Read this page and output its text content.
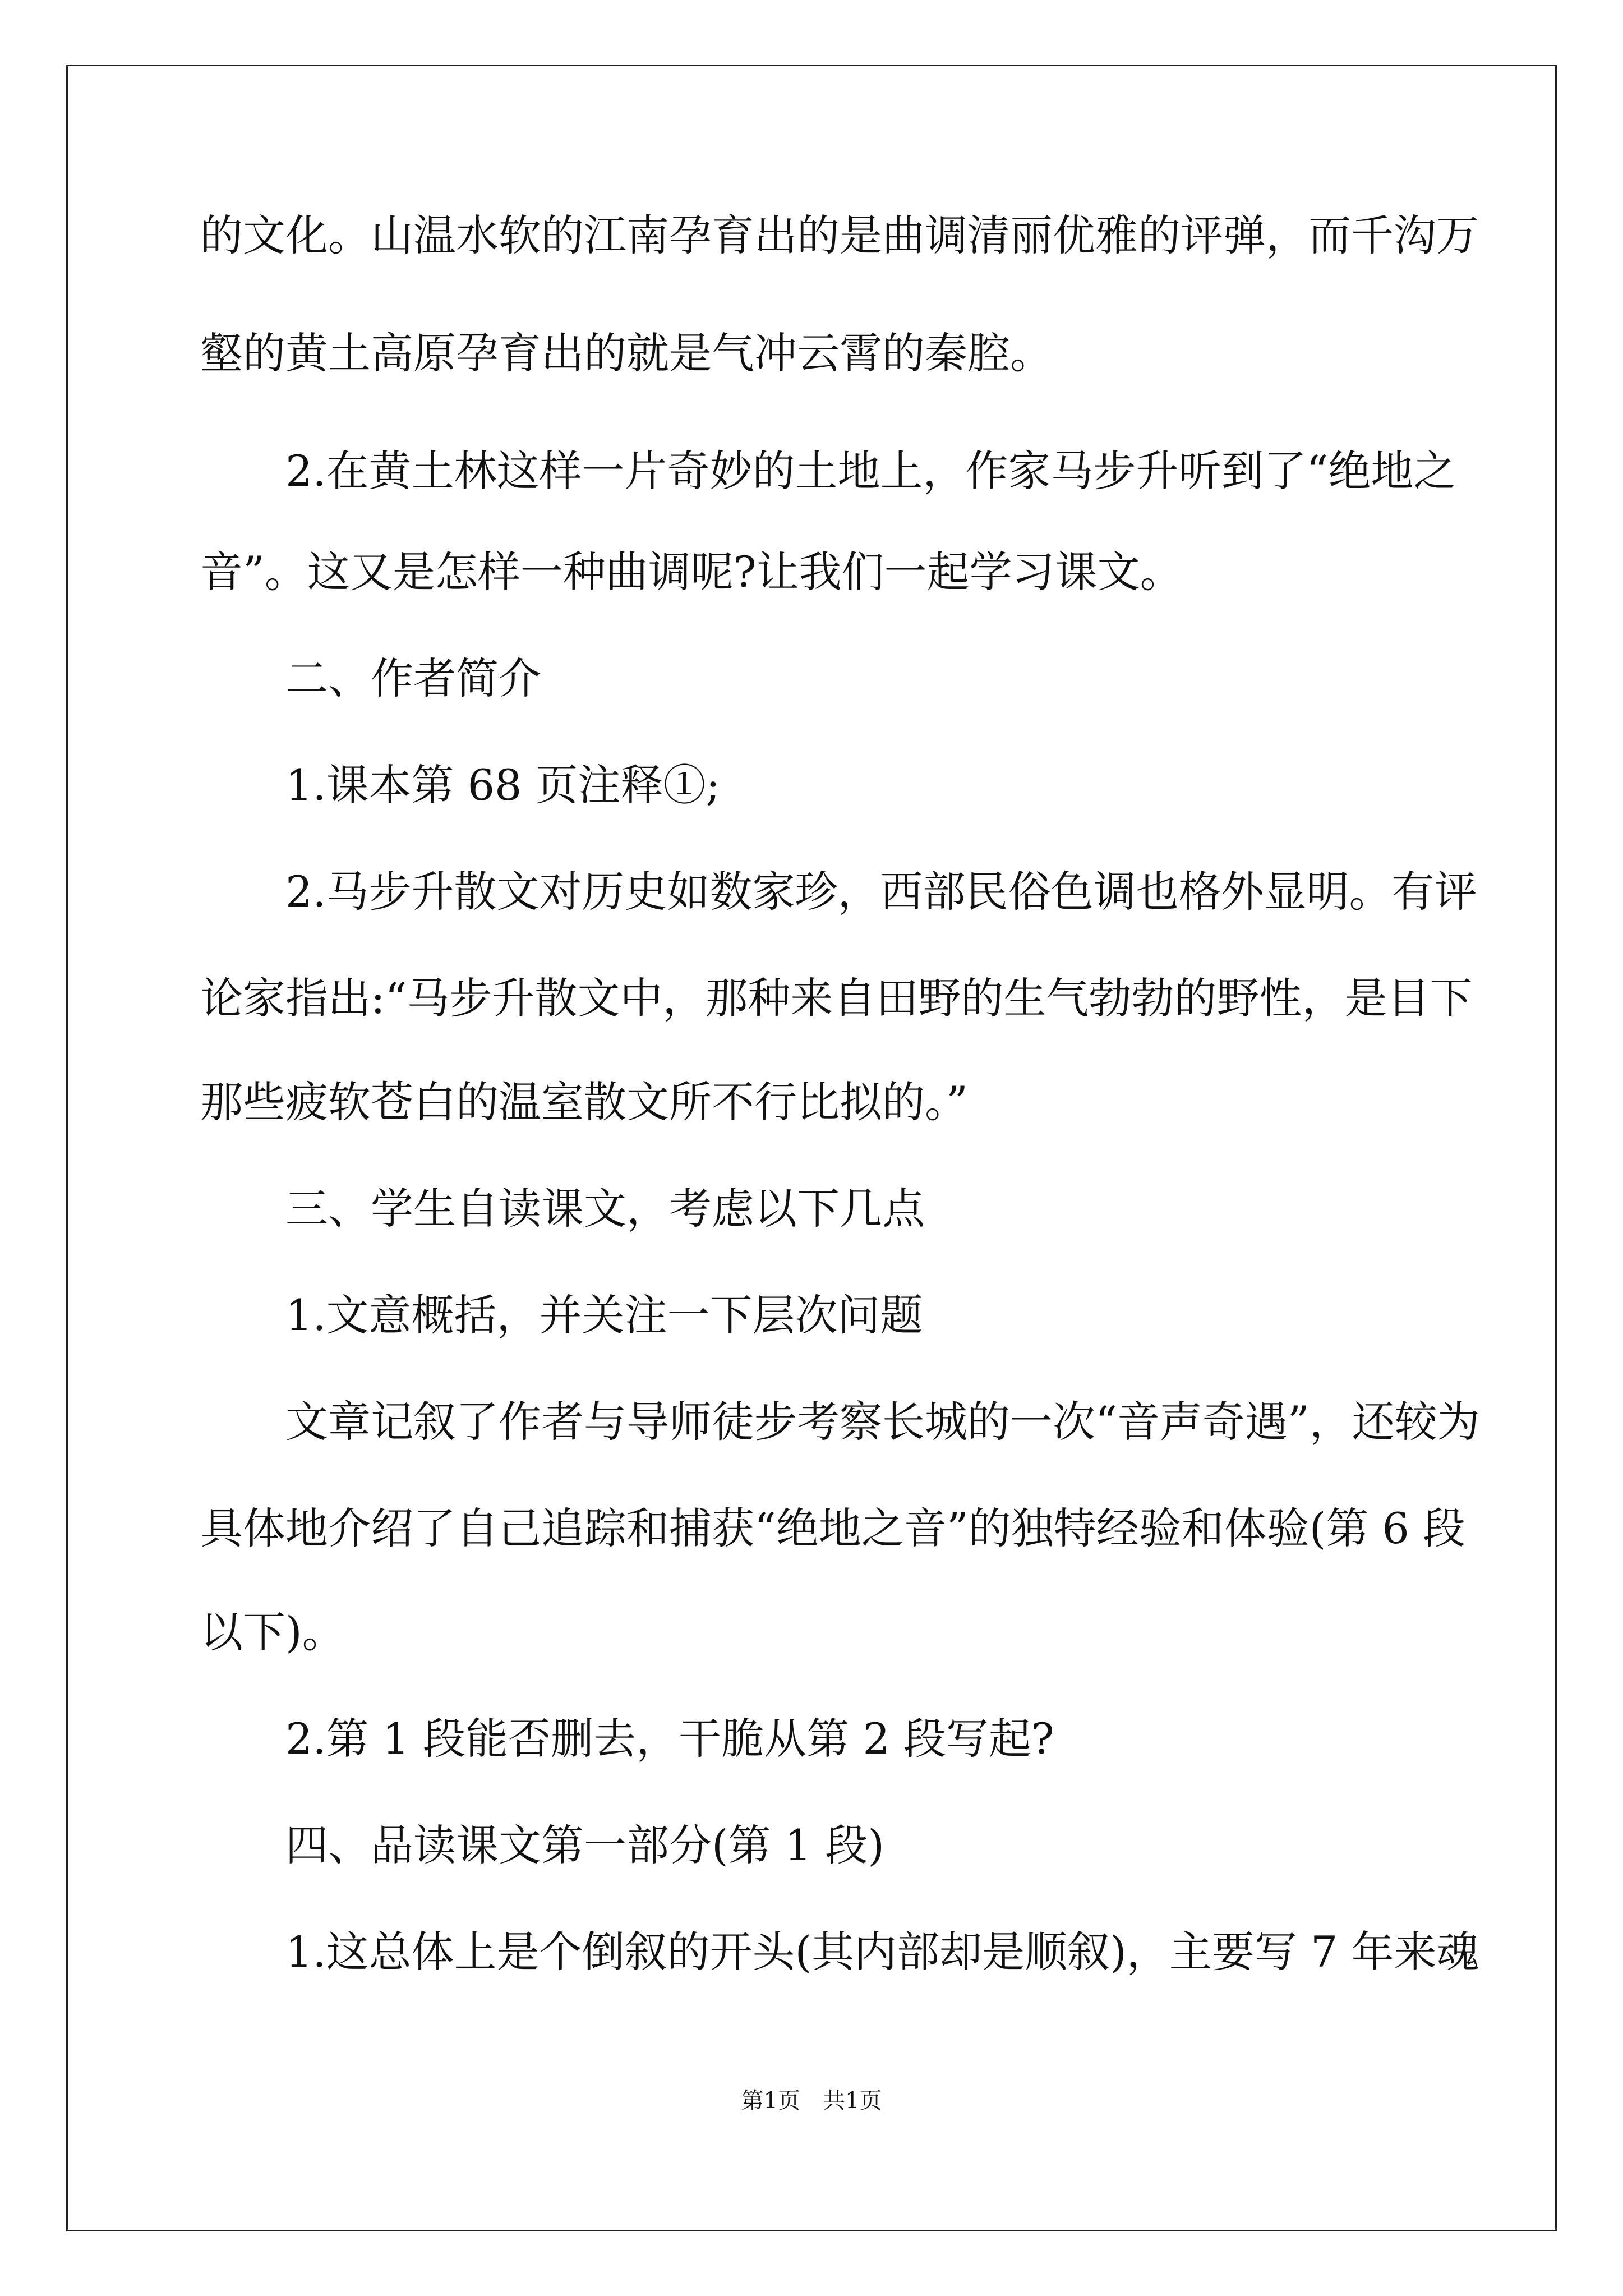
的文化。山温水软的江南孕育出的是曲调清丽优雅的评弹，而千沟万
壑的黄土高原孕育出的就是气冲云霄的秦腔。
　　2.在黄土林这样一片奇妙的土地上，作家马步升听到了“绝地之
音”。这又是怎样一种曲调呢?让我们一起学习课文。
　　二、作者简介
　　1.课本第 68 页注释①;
　　2.马步升散文对历史如数家珍，西部民俗色调也格外显明。有评
论家指出:“马步升散文中，那种来自田野的生气勃勃的野性，是目下
那些疲软苍白的温室散文所不行比拟的。”
　　三、学生自读课文，考虑以下几点
　　1.文意概括，并关注一下层次问题
　　文章记叙了作者与导师徒步考察长城的一次“音声奇遇”，还较为
具体地介绍了自己追踪和捕获“绝地之音”的独特经验和体验(第 6 段
以下)。
　　2.第 1 段能否删去，干脆从第 2 段写起?
　　四、品读课文第一部分(第 1 段)
　　1.这总体上是个倒叙的开头(其内部却是顺叙)，主要写 7 年来魂
第1页　共1页
